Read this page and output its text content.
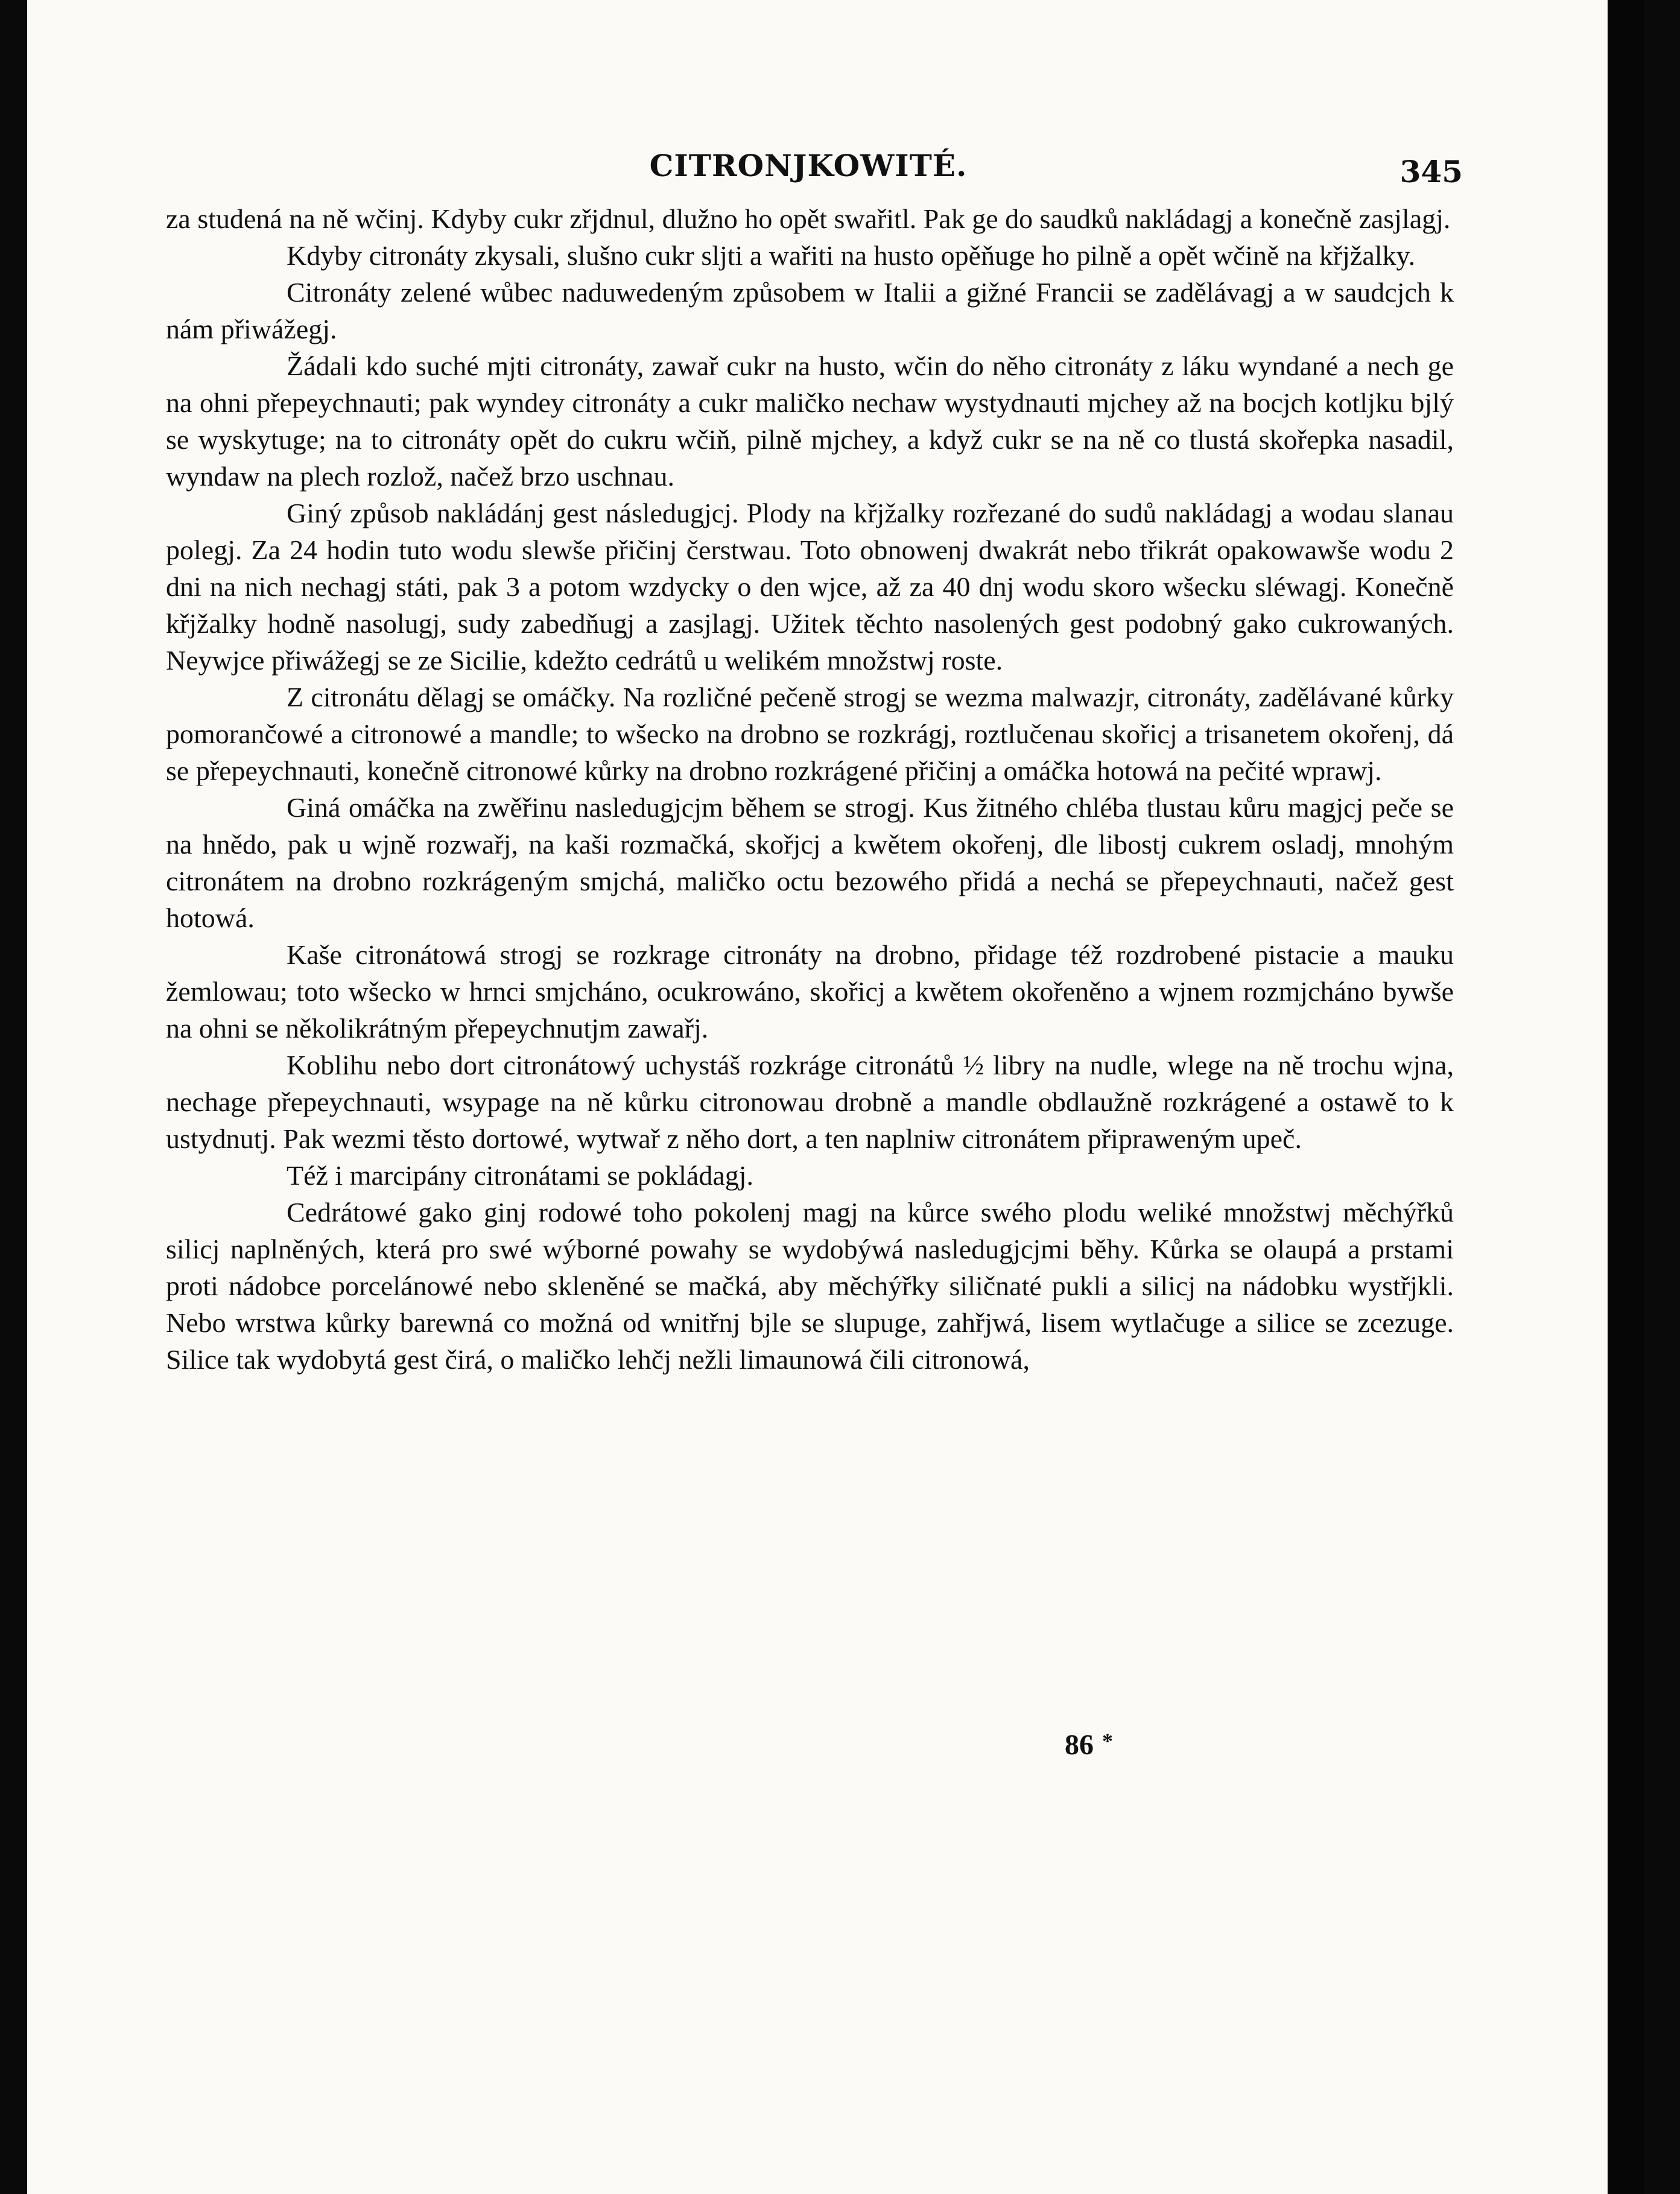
CITRONJKOWITÉ.	345

za studená na ně wčinj. Kdyby cukr zřjdnul, dlužno ho opět swařitl. Pak ge do saudků nakládagj a konečně zasjlagj.

Kdyby citronáty zkysali, slušno cukr sljti a wařiti na husto opěňuge ho pilně a opět wčině na křjžalky.

Citronáty zelené wůbec naduwedeným způsobem w Italii a gižné Francii se zadělávagj a w saudcjch k nám přiwážegj.

Žádali kdo suché mjti citronáty, zawař cukr na husto, wčin do něho citronáty z láku wyndané a nech ge na ohni přepeychnauti; pak wyndey citronáty a cukr maličko nechaw wystydnauti mjchey až na bocjch kotljku bjlý se wyskytuge; na to citronáty opět do cukru wčiň, pilně mjchey, a když cukr se na ně co tlustá skořepka nasadil, wyndaw na plech rozlož, načež brzo uschnau.

Giný způsob nakládánj gest následugjcj. Plody na křjžalky rozřezané do sudů nakládagj a wodau slanau polegj. Za 24 hodin tuto wodu slewše přičinj čerstwau. Toto obnowenj dwakrát nebo třikrát opakowawše wodu 2 dni na nich nechagj státi, pak 3 a potom wzdycky o den wjce, až za 40 dnj wodu skoro wšecku sléwagj. Konečně křjžalky hodně nasolugj, sudy zabedňugj a zasjlagj. Užitek těchto nasolených gest podobný gako cukrowaných. Neywjce přiwážegj se ze Sicilie, kdežto cedrátů u welikém množstwj roste.

Z citronátu dělagj se omáčky. Na rozličné pečeně strogj se wezma malwazjr, citronáty, zadělávané kůrky pomorančowé a citronowé a mandle; to wšecko na drobno se rozkrágj, roztlučenau skořicj a trisanetem okořenj, dá se přepeychnauti, konečně citronowé kůrky na drobno rozkrágené přičinj a omáčka hotowá na pečité wprawj.

Giná omáčka na zwěřinu nasledugjcjm během se strogj. Kus žitného chléba tlustau kůru magjcj peče se na hnědo, pak u wjně rozwařj, na kaši rozmačká, skořjcj a kwětem okořenj, dle libostj cukrem osladj, mnohým citronátem na drobno rozkrágeným smjchá, maličko octu bezowého přidá a nechá se přepeychnauti, načež gest hotowá.

Kaše citronátowá strogj se rozkrage citronáty na drobno, přidage též rozdrobené pistacie a mauku žemlowau; toto wšecko w hrnci smjcháno, ocukrowáno, skořicj a kwětem okořeněno a wjnem rozmjcháno bywše na ohni se několikrátným přepeychnutjm zawařj.

Koblihu nebo dort citronátowý uchystáš rozkráge citronátů ½ libry na nudle, wlege na ně trochu wjna, nechage přepeychnauti, wsypage na ně kůrku citronowau drobně a mandle obdlaužně rozkrágené a ostawě to k ustydnutj. Pak wezmi těsto dortowé, wytwař z něho dort, a ten naplniw citronátem připraweným upeč.

Též i marcipány citronátami se pokládagj.

Cedrátowé gako ginj rodowé toho pokolenj magj na kůrce swého plodu weliké množstwj měchýřků silicj naplněných, která pro swé wýborné powahy se wydobýwá nasledugjcjmi běhy. Kůrka se olaupá a prstami proti nádobce porcelánowé nebo skleněné se mačká, aby měchýřky siličnaté pukli a silicj na nádobku wystřjkli. Nebo wrstwa kůrky barewná co možná od wnitřnj bjle se slupuge, zahřjwá, lisem wytlačuge a silice se zcezuge. Silice tak wydobytá gest čirá, o maličko lehčj nežli limaunowá čili citronowá,

86 *
